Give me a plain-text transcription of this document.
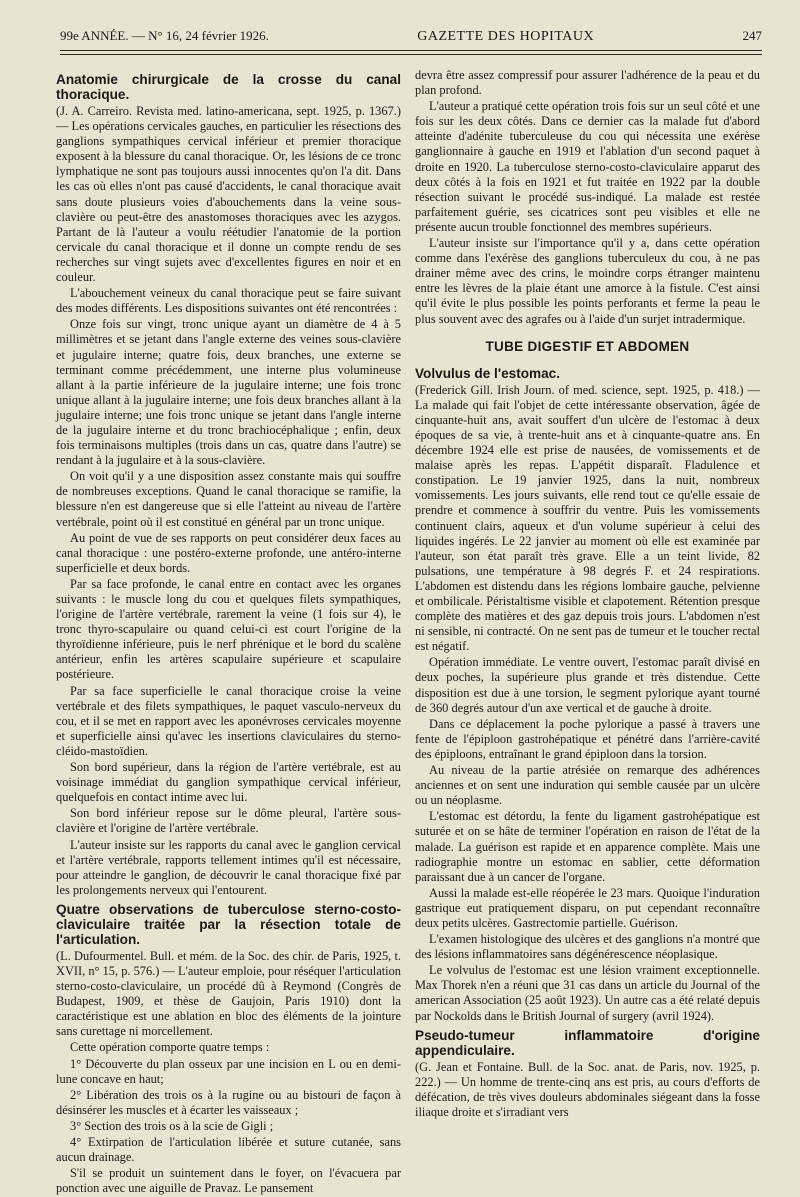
99e ANNÉE. — N° 16, 24 février 1926.	GAZETTE DES HOPITAUX	247
Anatomie chirurgicale de la crosse du canal thoracique.

(J. A. Carreiro. Revista med. latino-americana, sept. 1925, p. 1367.) — Les opérations cervicales gauches, en particulier les résections des ganglions sympathiques cervical inférieur et premier thoracique exposent à la blessure du canal thoracique. Or, les lésions de ce tronc lymphatique ne sont pas toujours aussi innocentes qu'on l'a dit. Dans les cas où elles n'ont pas causé d'accidents, le canal thoracique avait sans doute plusieurs voies d'abouchements dans la veine sous-clavière ou peut-être des anastomoses thoraciques avec les azygos. Partant de là l'auteur a voulu réétudier l'anatomie de la portion cervicale du canal thoracique et il donne un compte rendu de ses recherches sur vingt sujets avec d'excellentes figures en noir et en couleur.

L'abouchement veineux du canal thoracique peut se faire suivant des modes différents. Les dispositions suivantes ont été rencontrées :

Onze fois sur vingt, tronc unique ayant un diamètre de 4 à 5 millimètres et se jetant dans l'angle externe des veines sous-clavière et jugulaire interne; quatre fois, deux branches, une externe se terminant comme précédemment, une interne plus volumineuse allant à la partie inférieure de la jugulaire interne; une fois tronc unique allant à la jugulaire interne; une fois deux branches allant à la jugulaire interne; une fois tronc unique se jetant dans l'angle interne de la jugulaire interne et du tronc brachiocéphalique ; enfin, deux fois terminaisons multiples (trois dans un cas, quatre dans l'autre) se rendant à la jugulaire et à la sous-clavière.

On voit qu'il y a une disposition assez constante mais qui souffre de nombreuses exceptions. Quand le canal thoracique se ramifie, la blessure n'en est dangereuse que si elle l'atteint au niveau de l'artère vertébrale, point où il est constitué en général par un tronc unique.

Au point de vue de ses rapports on peut considérer deux faces au canal thoracique : une postéro-externe profonde, une antéro-interne superficielle et deux bords.

Par sa face profonde, le canal entre en contact avec les organes suivants : le muscle long du cou et quelques filets sympathiques, l'origine de l'artère vertébrale, rarement la veine (1 fois sur 4), le tronc thyro-scapulaire ou quand celui-ci est court l'origine de la thyroïdienne inférieure, puis le nerf phrénique et le bord du scalène antérieur, enfin les artères scapulaire supérieure et scapulaire postérieure.

Par sa face superficielle le canal thoracique croise la veine vertébrale et des filets sympathiques, le paquet vasculo-nerveux du cou, et il se met en rapport avec les aponévroses cervicales moyenne et superficielle ainsi qu'avec les insertions claviculaires du sterno-cléido-mastoïdien.

Son bord supérieur, dans la région de l'artère vertébrale, est au voisinage immédiat du ganglion sympathique cervical inférieur, quelquefois en contact intime avec lui.

Son bord inférieur repose sur le dôme pleural, l'artère sous-clavière et l'origine de l'artère vertébrale.

L'auteur insiste sur les rapports du canal avec le ganglion cervical et l'artère vertébrale, rapports tellement intimes qu'il est nécessaire, pour atteindre le ganglion, de découvrir le canal thoracique fixé par les prolongements nerveux qui l'entourent.

Quatre observations de tuberculose sterno-costo-claviculaire traitée par la résection totale de l'articulation.

(L. Dufourmentel. Bull. et mém. de la Soc. des chir. de Paris, 1925, t. XVII, n° 15, p. 576.) — L'auteur emploie, pour réséquer l'articulation sterno-costo-claviculaire, un procédé dû à Reymond (Congrès de Budapest, 1909, et thèse de Gaujoin, Paris 1910) dont la caractéristique est une ablation en bloc des éléments de la jointure sans curettage ni morcellement.

Cette opération comporte quatre temps :

1° Découverte du plan osseux par une incision en L ou en demi-lune concave en haut;

2° Libération des trois os à la rugine ou au bistouri de façon à désinsérer les muscles et à écarter les vaisseaux ;

3° Section des trois os à la scie de Gigli ;

4° Extirpation de l'articulation libérée et suture cutanée, sans aucun drainage.

S'il se produit un suintement dans le foyer, on l'évacuera par ponction avec une aiguille de Pravaz. Le pansement

devra être assez compressif pour assurer l'adhérence de la peau et du plan profond.

L'auteur a pratiqué cette opération trois fois sur un seul côté et une fois sur les deux côtés. Dans ce dernier cas la malade fut d'abord atteinte d'adénite tuberculeuse du cou qui nécessita une exérèse ganglionnaire à gauche en 1919 et l'ablation d'un second paquet à droite en 1920. La tuberculose sterno-costo-claviculaire apparut des deux côtés à la fois en 1921 et fut traitée en 1922 par la double résection suivant le procédé sus-indiqué. La malade est restée parfaitement guérie, ses cicatrices sont peu visibles et elle ne présente aucun trouble fonctionnel des membres supérieurs.

L'auteur insiste sur l'importance qu'il y a, dans cette opération comme dans l'exérèse des ganglions tuberculeux du cou, à ne pas drainer même avec des crins, le moindre corps étranger maintenu entre les lèvres de la plaie étant une amorce à la fistule. C'est ainsi qu'il évite le plus possible les points perforants et ferme la peau le plus souvent avec des agrafes ou à l'aide d'un surjet intradermique.

TUBE DIGESTIF ET ABDOMEN
Volvulus de l'estomac.

(Frederick Gill. Irish Journ. of med. science, sept. 1925, p. 418.) — La malade qui fait l'objet de cette intéressante observation, âgée de cinquante-huit ans, avait souffert d'un ulcère de l'estomac à deux époques de sa vie, à trente-huit ans et à cinquante-quatre ans. En décembre 1924 elle est prise de nausées, de vomissements et de malaise après les repas. L'appétit disparaît. Fladulence et constipation. Le 19 janvier 1925, dans la nuit, nombreux vomissements. Les jours suivants, elle rend tout ce qu'elle essaie de prendre et commence à souffrir du ventre. Puis les vomissements continuent clairs, aqueux et d'un volume supérieur à celui des liquides ingérés. Le 22 janvier au moment où elle est examinée par l'auteur, son état paraît très grave. Elle a un teint livide, 82 pulsations, une température à 98 degrés F. et 24 respirations. L'abdomen est distendu dans les régions lombaire gauche, pelvienne et ombilicale. Péristaltisme visible et clapotement. Rétention presque complète des matières et des gaz depuis trois jours. L'abdomen n'est ni sensible, ni contracté. On ne sent pas de tumeur et le toucher rectal est négatif.

Opération immédiate. Le ventre ouvert, l'estomac paraît divisé en deux poches, la supérieure plus grande et très distendue. Cette disposition est due à une torsion, le segment pylorique ayant tourné de 360 degrés autour d'un axe vertical et de gauche à droite.

Dans ce déplacement la poche pylorique a passé à travers une fente de l'épiploon gastrohépatique et pénétré dans l'arrière-cavité des épiploons, entraînant le grand épiploon dans la torsion.

Au niveau de la partie atrésiée on remarque des adhérences anciennes et on sent une induration qui semble causée par un ulcère ou un néoplasme.

L'estomac est détordu, la fente du ligament gastrohépatique est suturée et on se hâte de terminer l'opération en raison de l'état de la malade. La guérison est rapide et en apparence complète. Mais une radiographie montre un estomac en sablier, cette déformation paraissant due à un cancer de l'organe.

Aussi la malade est-elle réopérée le 23 mars. Quoique l'induration gastrique eut pratiquement disparu, on put cependant reconnaître deux petits ulcères. Gastrectomie partielle. Guérison.

L'examen histologique des ulcères et des ganglions n'a montré que des lésions inflammatoires sans dégénérescence néoplasique.

Le volvulus de l'estomac est une lésion vraiment exceptionnelle. Max Thorek n'en a réuni que 31 cas dans un article du Journal of the american Association (25 août 1923). Un autre cas a été relaté depuis par Nockolds dans le British Journal of surgery (avril 1924).

Pseudo-tumeur inflammatoire d'origine appendiculaire.

(G. Jean et Fontaine. Bull. de la Soc. anat. de Paris, nov. 1925, p. 222.) — Un homme de trente-cinq ans est pris, au cours d'efforts de défécation, de très vives douleurs abdominales siégeant dans la fosse iliaque droite et s'irradiant vers
